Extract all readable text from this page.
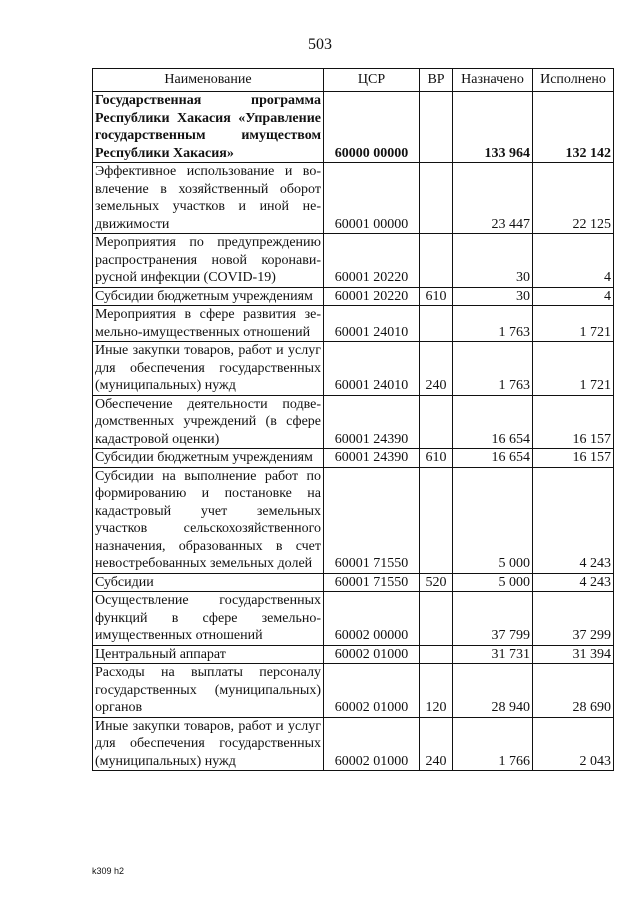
503
Наименование	ЦСР	ВР	Назначено	Исполнено
Государственная программа Республики Хакасия «Управление государственным имуществом Республики Хакасия»	60000 00000		133 964	132 142
Эффективное использование и вовлечение в хозяйственный оборот земельных участков и иной недвижимости	60001 00000		23 447	22 125
Мероприятия по предупреждению распространения новой коронавирусной инфекции (COVID-19)	60001 20220		30	4
Субсидии бюджетным учреждениям	60001 20220	610	30	4
Мероприятия в сфере развития земельно-имущественных отношений	60001 24010		1 763	1 721
Иные закупки товаров, работ и услуг для обеспечения государственных (муниципальных) нужд	60001 24010	240	1 763	1 721
Обеспечение деятельности подведомственных учреждений (в сфере кадастровой оценки)	60001 24390		16 654	16 157
Субсидии бюджетным учреждениям	60001 24390	610	16 654	16 157
Субсидии на выполнение работ по формированию и постановке на кадастровый учет земельных участков сельскохозяйственного назначения, образованных в счет невостребованных земельных долей	60001 71550		5 000	4 243
Субсидии	60001 71550	520	5 000	4 243
Осуществление государственных функций в сфере земельно-имущественных отношений	60002 00000		37 799	37 299
Центральный аппарат	60002 01000		31 731	31 394
Расходы на выплаты персоналу государственных (муниципальных) органов	60002 01000	120	28 940	28 690
Иные закупки товаров, работ и услуг для обеспечения государственных (муниципальных) нужд	60002 01000	240	1 766	2 043
k309 h2
